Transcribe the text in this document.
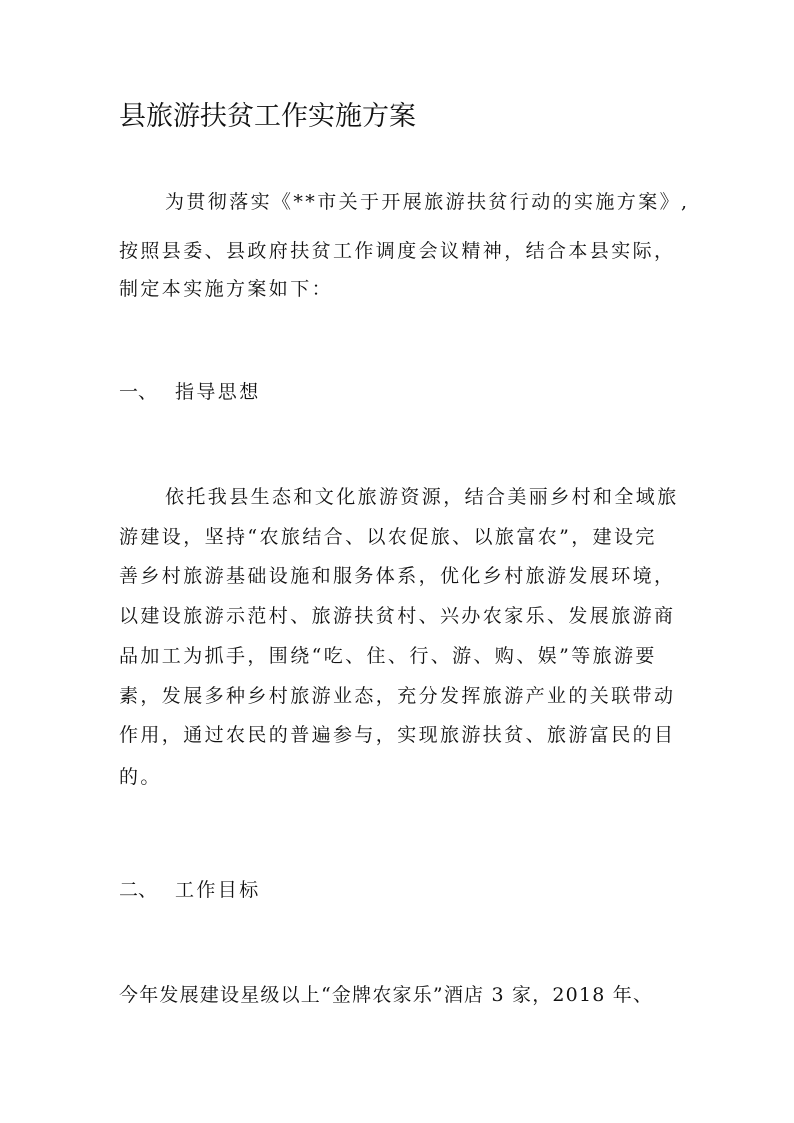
县旅游扶贫工作实施方案

为贯彻落实《**市关于开展旅游扶贫行动的实施方案》,

按照县委、县政府扶贫工作调度会议精神，结合本县实际，

制定本实施方案如下：

一、 指导思想

依托我县生态和文化旅游资源，结合美丽乡村和全域旅

游建设，坚持“农旅结合、以农促旅、以旅富农”，建设完

善乡村旅游基础设施和服务体系，优化乡村旅游发展环境，

以建设旅游示范村、旅游扶贫村、兴办农家乐、发展旅游商

品加工为抓手，围绕“吃、住、行、游、购、娱”等旅游要

素，发展多种乡村旅游业态，充分发挥旅游产业的关联带动

作用，通过农民的普遍参与，实现旅游扶贫、旅游富民的目

的。

二、 工作目标

今年发展建设星级以上“金牌农家乐”酒店 3 家，2018 年、
